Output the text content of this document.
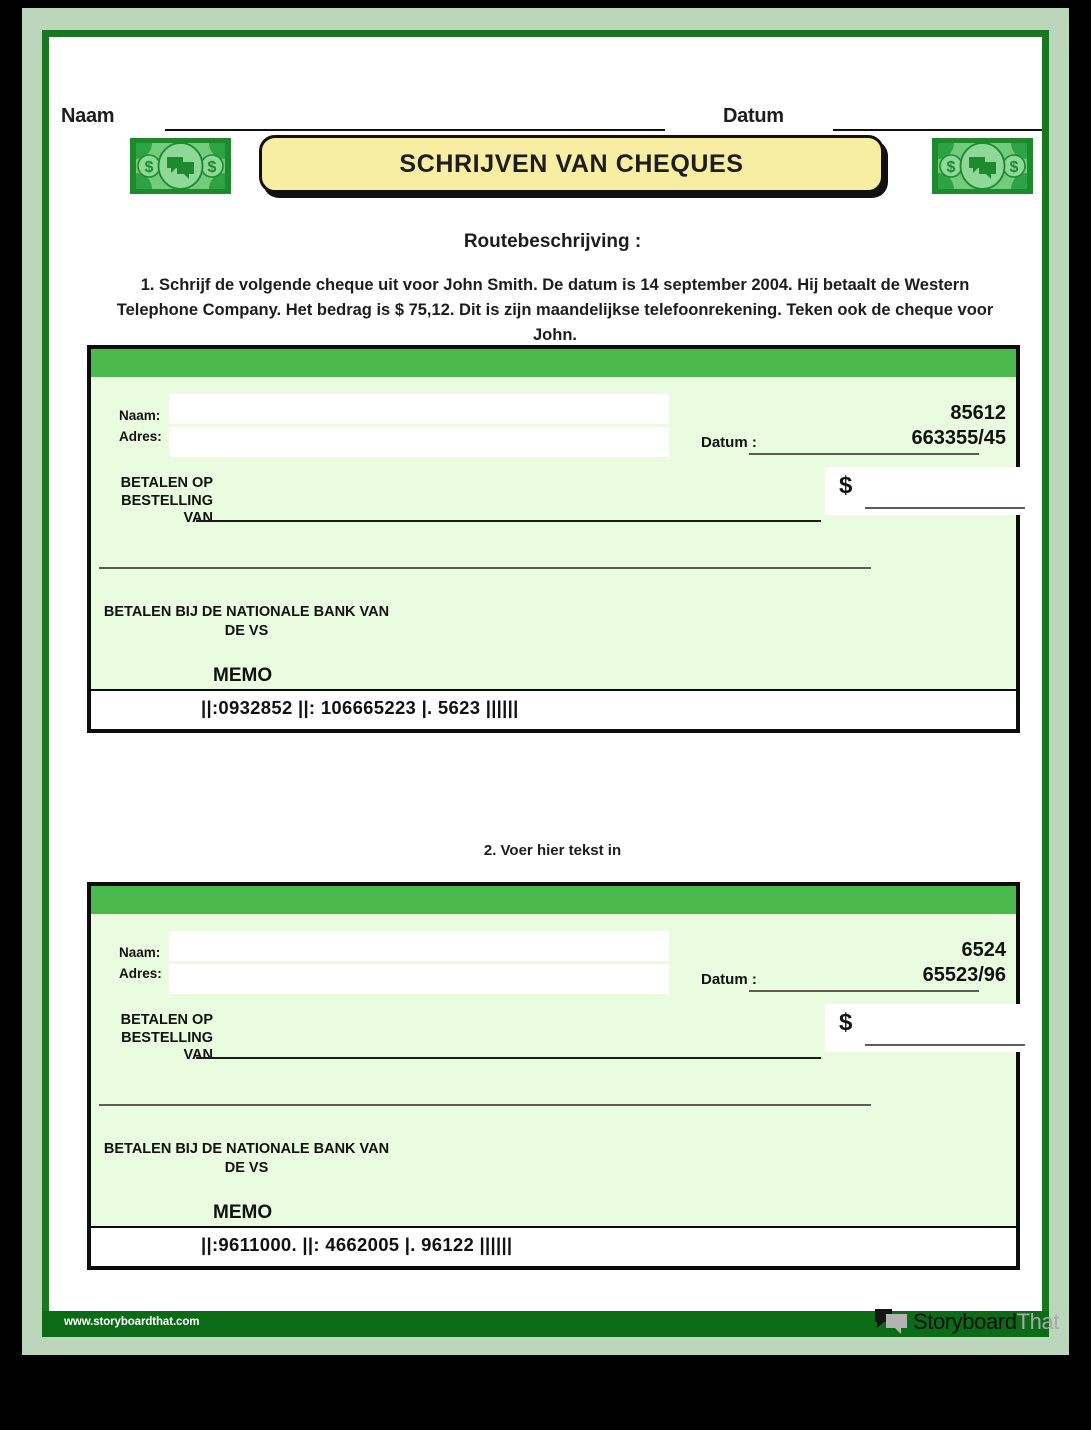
Naam	Datum
$	$	SCHRIJVEN VAN CHEQUES	$	$
Routebeschrijving :
1. Schrijf de volgende cheque uit voor John Smith. De datum is 14 september 2004. Hij betaalt de Western Telephone Company. Het bedrag is $ 75,12. Dit is zijn maandelijkse telefoonrekening. Teken ook de cheque voor John.
Naam:
Adres:	Datum :
85612
663355/45
BETALEN OP BESTELLING VAN
$
BETALEN BIJ DE NATIONALE BANK VAN DE VS
MEMO
||:0932852 ||: 106665223 |. 5623 ||||||
2. Voer hier tekst in
Naam:
Adres:	Datum :
6524
65523/96
BETALEN OP BESTELLING VAN
$
BETALEN BIJ DE NATIONALE BANK VAN DE VS
MEMO
||:9611000. ||: 4662005 |. 96122 ||||||
www.storyboardthat.com	StoryboardThat
